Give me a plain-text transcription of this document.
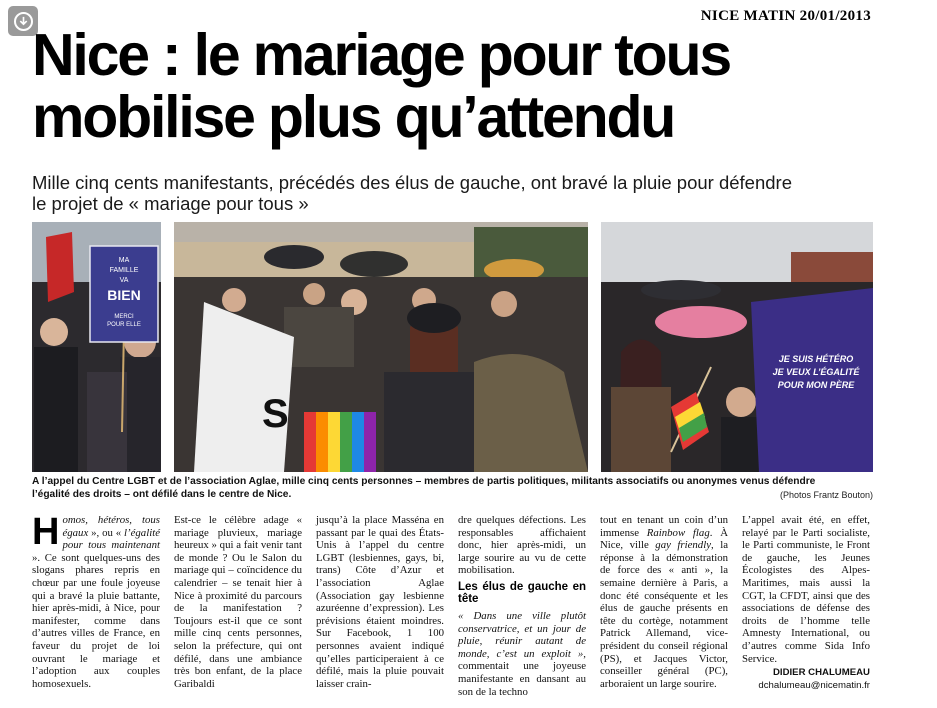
NICE MATIN 20/01/2013
Nice : le mariage pour tous
mobilise plus qu’attendu
Mille cinq cents manifestants, précédés des élus de gauche, ont bravé la pluie pour défendre
le projet de « mariage pour tous »
MA
FAMILLE
VA
BIEN
MERCI
POUR ELLE
S
JE SUIS HÉTÉRO
JE VEUX L’ÉGALITÉ
POUR MON PÈRE
A l’appel du Centre LGBT et de l’association Aglae, mille cinq cents personnes – membres de partis politiques, militants associatifs ou anonymes venus défendre
l’égalité des droits – ont défilé dans le centre de Nice.	(Photos Frantz Bouton)
Homos, hétéros, tous égaux », ou « l’égalité pour tous maintenant ». Ce sont quelques-uns des slogans phares repris en chœur par une foule joyeuse qui a bravé la pluie battante, hier après-midi, à Nice, pour manifester, comme dans d’autres villes de France, en faveur du projet de loi ouvrant le mariage et l’adoption aux couples homosexuels.
Est-ce le célèbre adage « mariage pluvieux, mariage heureux » qui a fait venir tant de monde ? Ou le Salon du mariage qui – coïncidence du calendrier – se tenait hier à Nice à proximité du parcours de la manifestation ? Toujours est-il que ce sont mille cinq cents personnes, selon la préfecture, qui ont défilé, dans une ambiance très bon enfant, de la place Garibaldi
jusqu’à la place Masséna en passant par le quai des États-Unis à l’appel du centre LGBT (lesbiennes, gays, bi, trans) Côte d’Azur et l’association Aglae (Association gay lesbienne azuréenne d’expression). Les prévisions étaient moindres. Sur Facebook, 1 100 personnes avaient indiqué qu’elles participeraient à ce défilé, mais la pluie pouvait laisser crain-
dre quelques défections. Les responsables affichaient donc, hier après-midi, un large sourire au vu de cette mobilisation.
Les élus de gauche en tête
« Dans une ville plutôt conservatrice, et un jour de pluie, réunir autant de monde, c’est un exploit », commentait une joyeuse manifestante en dansant au son de la techno
tout en tenant un coin d’un immense Rainbow flag. À Nice, ville gay friendly, la réponse à la démonstration de force des « anti », la semaine dernière à Paris, a donc été conséquente et les élus de gauche présents en tête du cortège, notamment Patrick Allemand, vice-président du conseil régional (PS), et Jacques Victor, conseiller général (PC), arboraient un large sourire.
L’appel avait été, en effet, relayé par le Parti socialiste, le Parti communiste, le Front de gauche, les Jeunes Écologistes des Alpes-Maritimes, mais aussi la CGT, la CFDT, ainsi que des associations de défense des droits de l’homme telle Amnesty International, ou d’autres comme Sida Info Service.
DIDIER CHALUMEAU
dchalumeau@nicematin.fr
